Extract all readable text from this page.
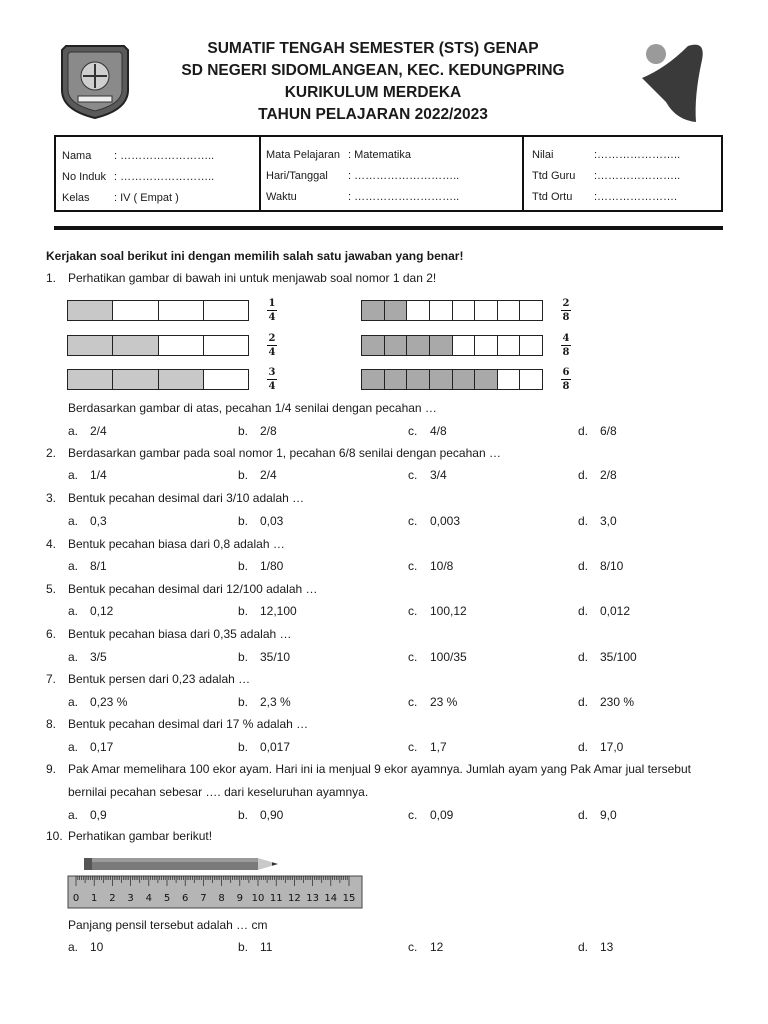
SUMATIF TENGAH SEMESTER (STS) GENAP
SD NEGERI SIDOMLANGEAN, KEC. KEDUNGPRING
KURIKULUM MERDEKA
TAHUN PELAJARAN 2022/2023
Nama : ……………………..
No Induk : ……………………..
Kelas : IV ( Empat )
Mata Pelajaran : Matematika
Hari/Tanggal : ………………………..
Waktu	: ………………………..
Nilai	:…………………..
Ttd Guru :…………………..
Ttd Ortu :………………….
Kerjakan soal berikut ini dengan memilih salah satu jawaban yang benar!
1. Perhatikan gambar di bawah ini untuk menjawab soal nomor 1 dan 2!
Berdasarkan gambar di atas, pecahan 1/4 senilai dengan pecahan …
a. 2/4	b. 2/8	c. 4/8	d. 6/8
2. Berdasarkan gambar pada soal nomor 1, pecahan 6/8 senilai dengan pecahan …
a. 1/4	b. 2/4	c. 3/4	d. 2/8
3. Bentuk pecahan desimal dari 3/10 adalah …
a. 0,3	b. 0,03	c. 0,003	d. 3,0
4. Bentuk pecahan biasa dari 0,8 adalah …
a. 8/1	b. 1/80	c. 10/8	d. 8/10
5. Bentuk pecahan desimal dari 12/100 adalah …
a. 0,12	b. 12,100	c. 100,12	d. 0,012
6. Bentuk pecahan biasa dari 0,35 adalah …
a. 3/5	b. 35/10	c. 100/35	d. 35/100
7. Bentuk persen dari 0,23 adalah …
a. 0,23 %	b. 2,3 %	c. 23 %	d. 230 %
8. Bentuk pecahan desimal dari 17 % adalah …
a. 0,17	b. 0,017	c. 1,7	d. 17,0
9. Pak Amar memelihara 100 ekor ayam. Hari ini ia menjual 9 ekor ayamnya. Jumlah ayam yang Pak Amar jual tersebut
bernilai pecahan sebesar …. dari keseluruhan ayamnya.
a. 0,9	b. 0,90	c. 0,09	d. 9,0
10. Perhatikan gambar berikut!
Panjang pensil tersebut adalah … cm
a. 10	b. 11	c. 12	d. 13
1
4
2
4
3
4
2
8
4
8
6
8
0 1 2 3 4 5 6 7 8 9 10 11 12 13 14 15
